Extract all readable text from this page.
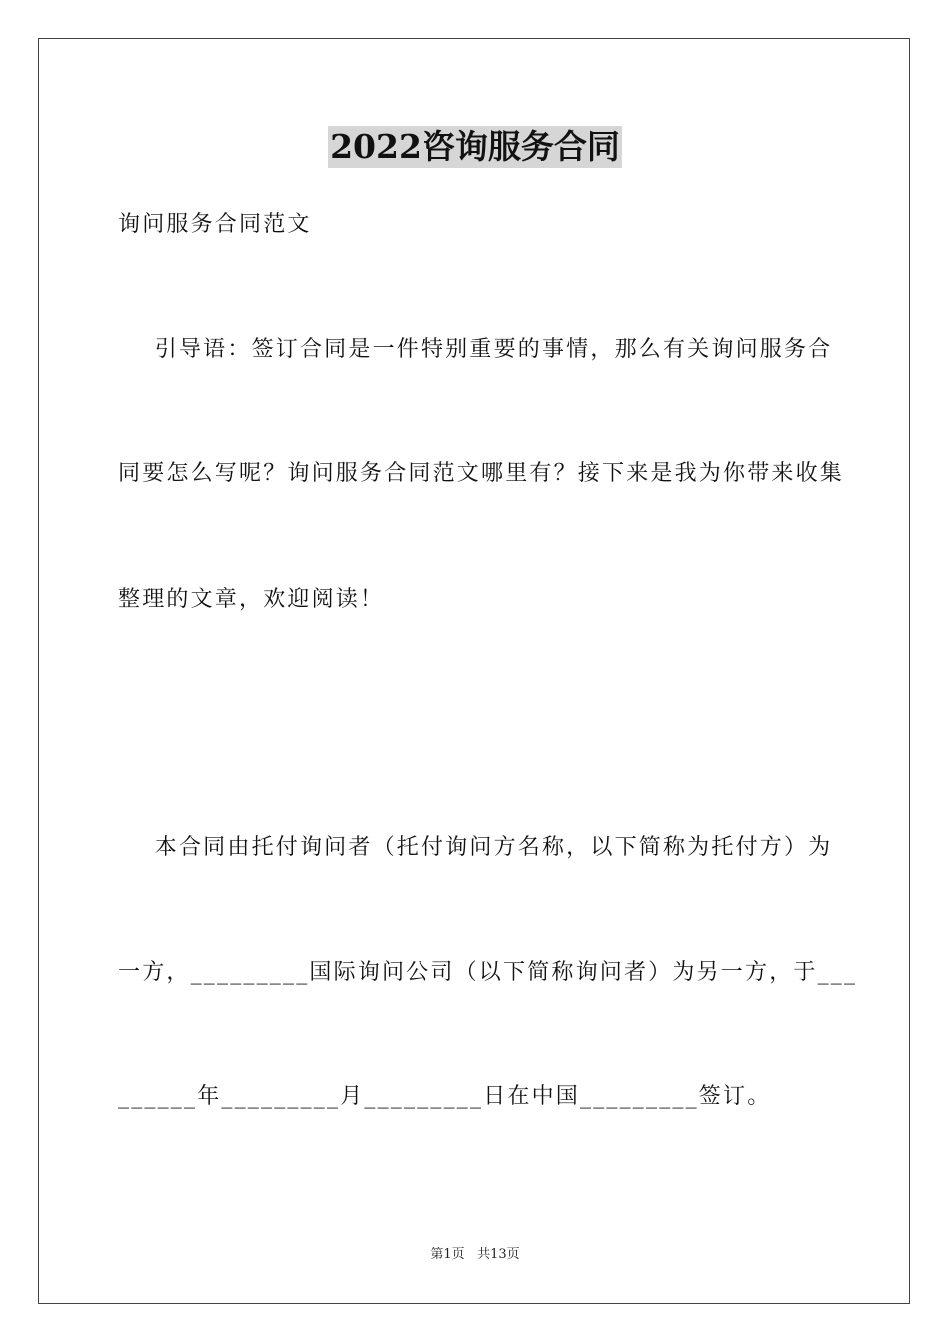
2022咨询服务合同

询问服务合同范文

引导语：签订合同是一件特别重要的事情，那么有关询问服务合

同要怎么写呢？询问服务合同范文哪里有？接下来是我为你带来收集

整理的文章，欢迎阅读！

本合同由托付询问者（托付询问方名称，以下简称为托付方）为

一方，_________国际询问公司（以下简称询问者）为另一方，于___

______年_________月_________日在中国_________签订。

第1页 共13页
